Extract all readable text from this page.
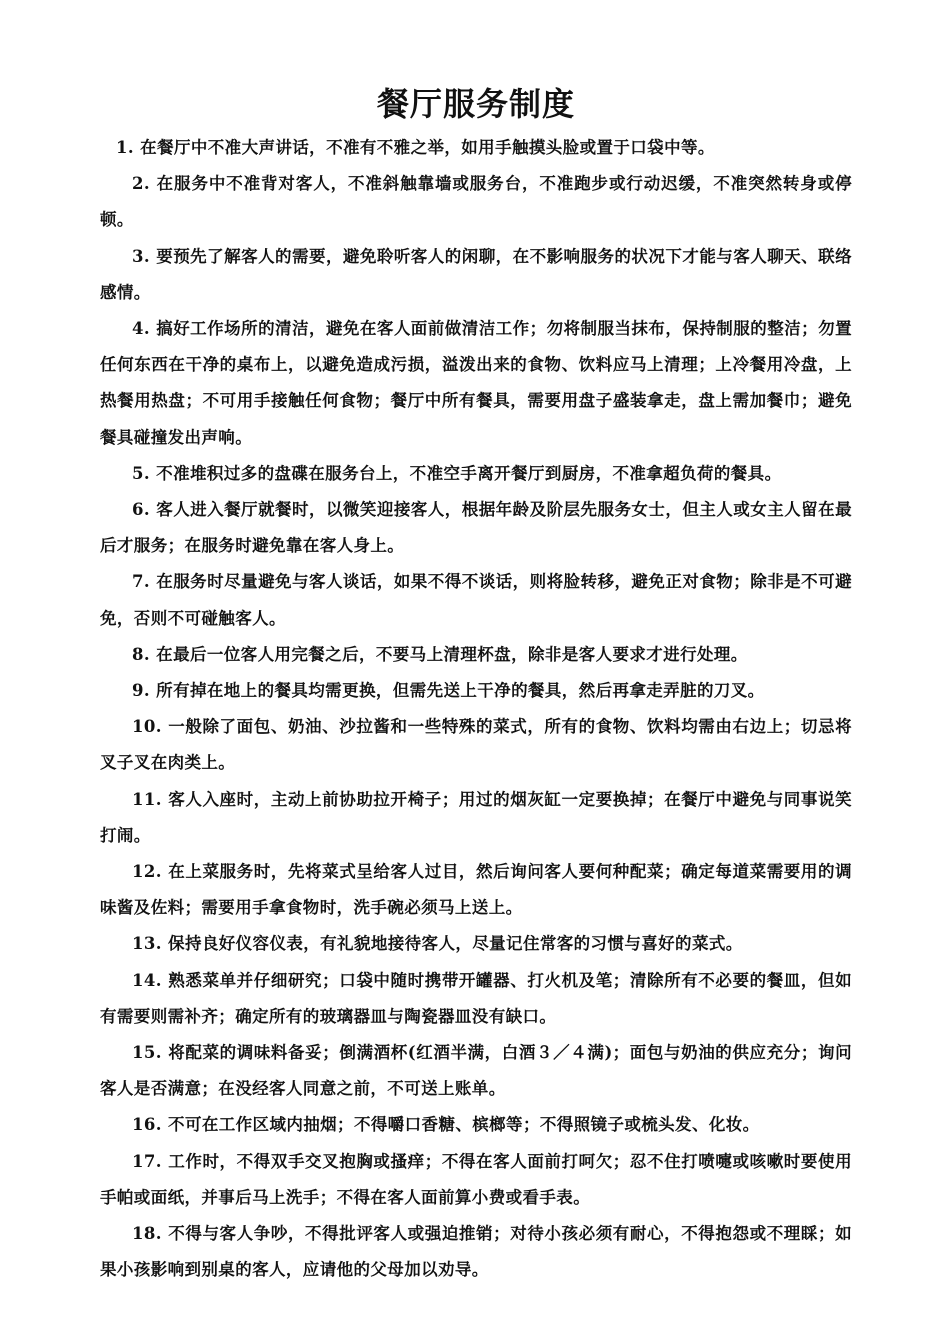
餐厅服务制度
1. 在餐厅中不准大声讲话，不准有不雅之举，如用手触摸头脸或置于口袋中等。
2. 在服务中不准背对客人，不准斜触靠墙或服务台，不准跑步或行动迟缓，不准突然转身或停顿。
3. 要预先了解客人的需要，避免聆听客人的闲聊，在不影响服务的状况下才能与客人聊天、联络感情。
4. 搞好工作场所的清洁，避免在客人面前做清洁工作；勿将制服当抹布，保持制服的整洁；勿置任何东西在干净的桌布上，以避免造成污损，溢泼出来的食物、饮料应马上清理；上冷餐用冷盘，上热餐用热盘；不可用手接触任何食物；餐厅中所有餐具，需要用盘子盛装拿走，盘上需加餐巾；避免餐具碰撞发出声响。
5. 不准堆积过多的盘碟在服务台上，不准空手离开餐厅到厨房，不准拿超负荷的餐具。
6. 客人进入餐厅就餐时，以微笑迎接客人，根据年龄及阶层先服务女士，但主人或女主人留在最后才服务；在服务时避免靠在客人身上。
7. 在服务时尽量避免与客人谈话，如果不得不谈话，则将脸转移，避免正对食物；除非是不可避免，否则不可碰触客人。
8. 在最后一位客人用完餐之后，不要马上清理杯盘，除非是客人要求才进行处理。
9. 所有掉在地上的餐具均需更换，但需先送上干净的餐具，然后再拿走弄脏的刀叉。
10. 一般除了面包、奶油、沙拉酱和一些特殊的菜式，所有的食物、饮料均需由右边上；切忌将叉子叉在肉类上。
11. 客人入座时，主动上前协助拉开椅子；用过的烟灰缸一定要换掉；在餐厅中避免与同事说笑打闹。
12. 在上菜服务时，先将菜式呈给客人过目，然后询问客人要何种配菜；确定每道菜需要用的调味酱及佐料；需要用手拿食物时，洗手碗必须马上送上。
13. 保持良好仪容仪表，有礼貌地接待客人，尽量记住常客的习惯与喜好的菜式。
14. 熟悉菜单并仔细研究；口袋中随时携带开罐器、打火机及笔；清除所有不必要的餐皿，但如有需要则需补齐；确定所有的玻璃器皿与陶瓷器皿没有缺口。
15. 将配菜的调味料备妥；倒满酒杯(红酒半满，白酒３／４满)；面包与奶油的供应充分；询问客人是否满意；在没经客人同意之前，不可送上账单。
16. 不可在工作区域内抽烟；不得嚼口香糖、槟榔等；不得照镜子或梳头发、化妆。
17. 工作时，不得双手交叉抱胸或搔痒；不得在客人面前打呵欠；忍不住打喷嚏或咳嗽时要使用手帕或面纸，并事后马上洗手；不得在客人面前算小费或看手表。
18. 不得与客人争吵，不得批评客人或强迫推销；对待小孩必须有耐心，不得抱怨或不理睬；如果小孩影响到别桌的客人，应请他的父母加以劝导。
